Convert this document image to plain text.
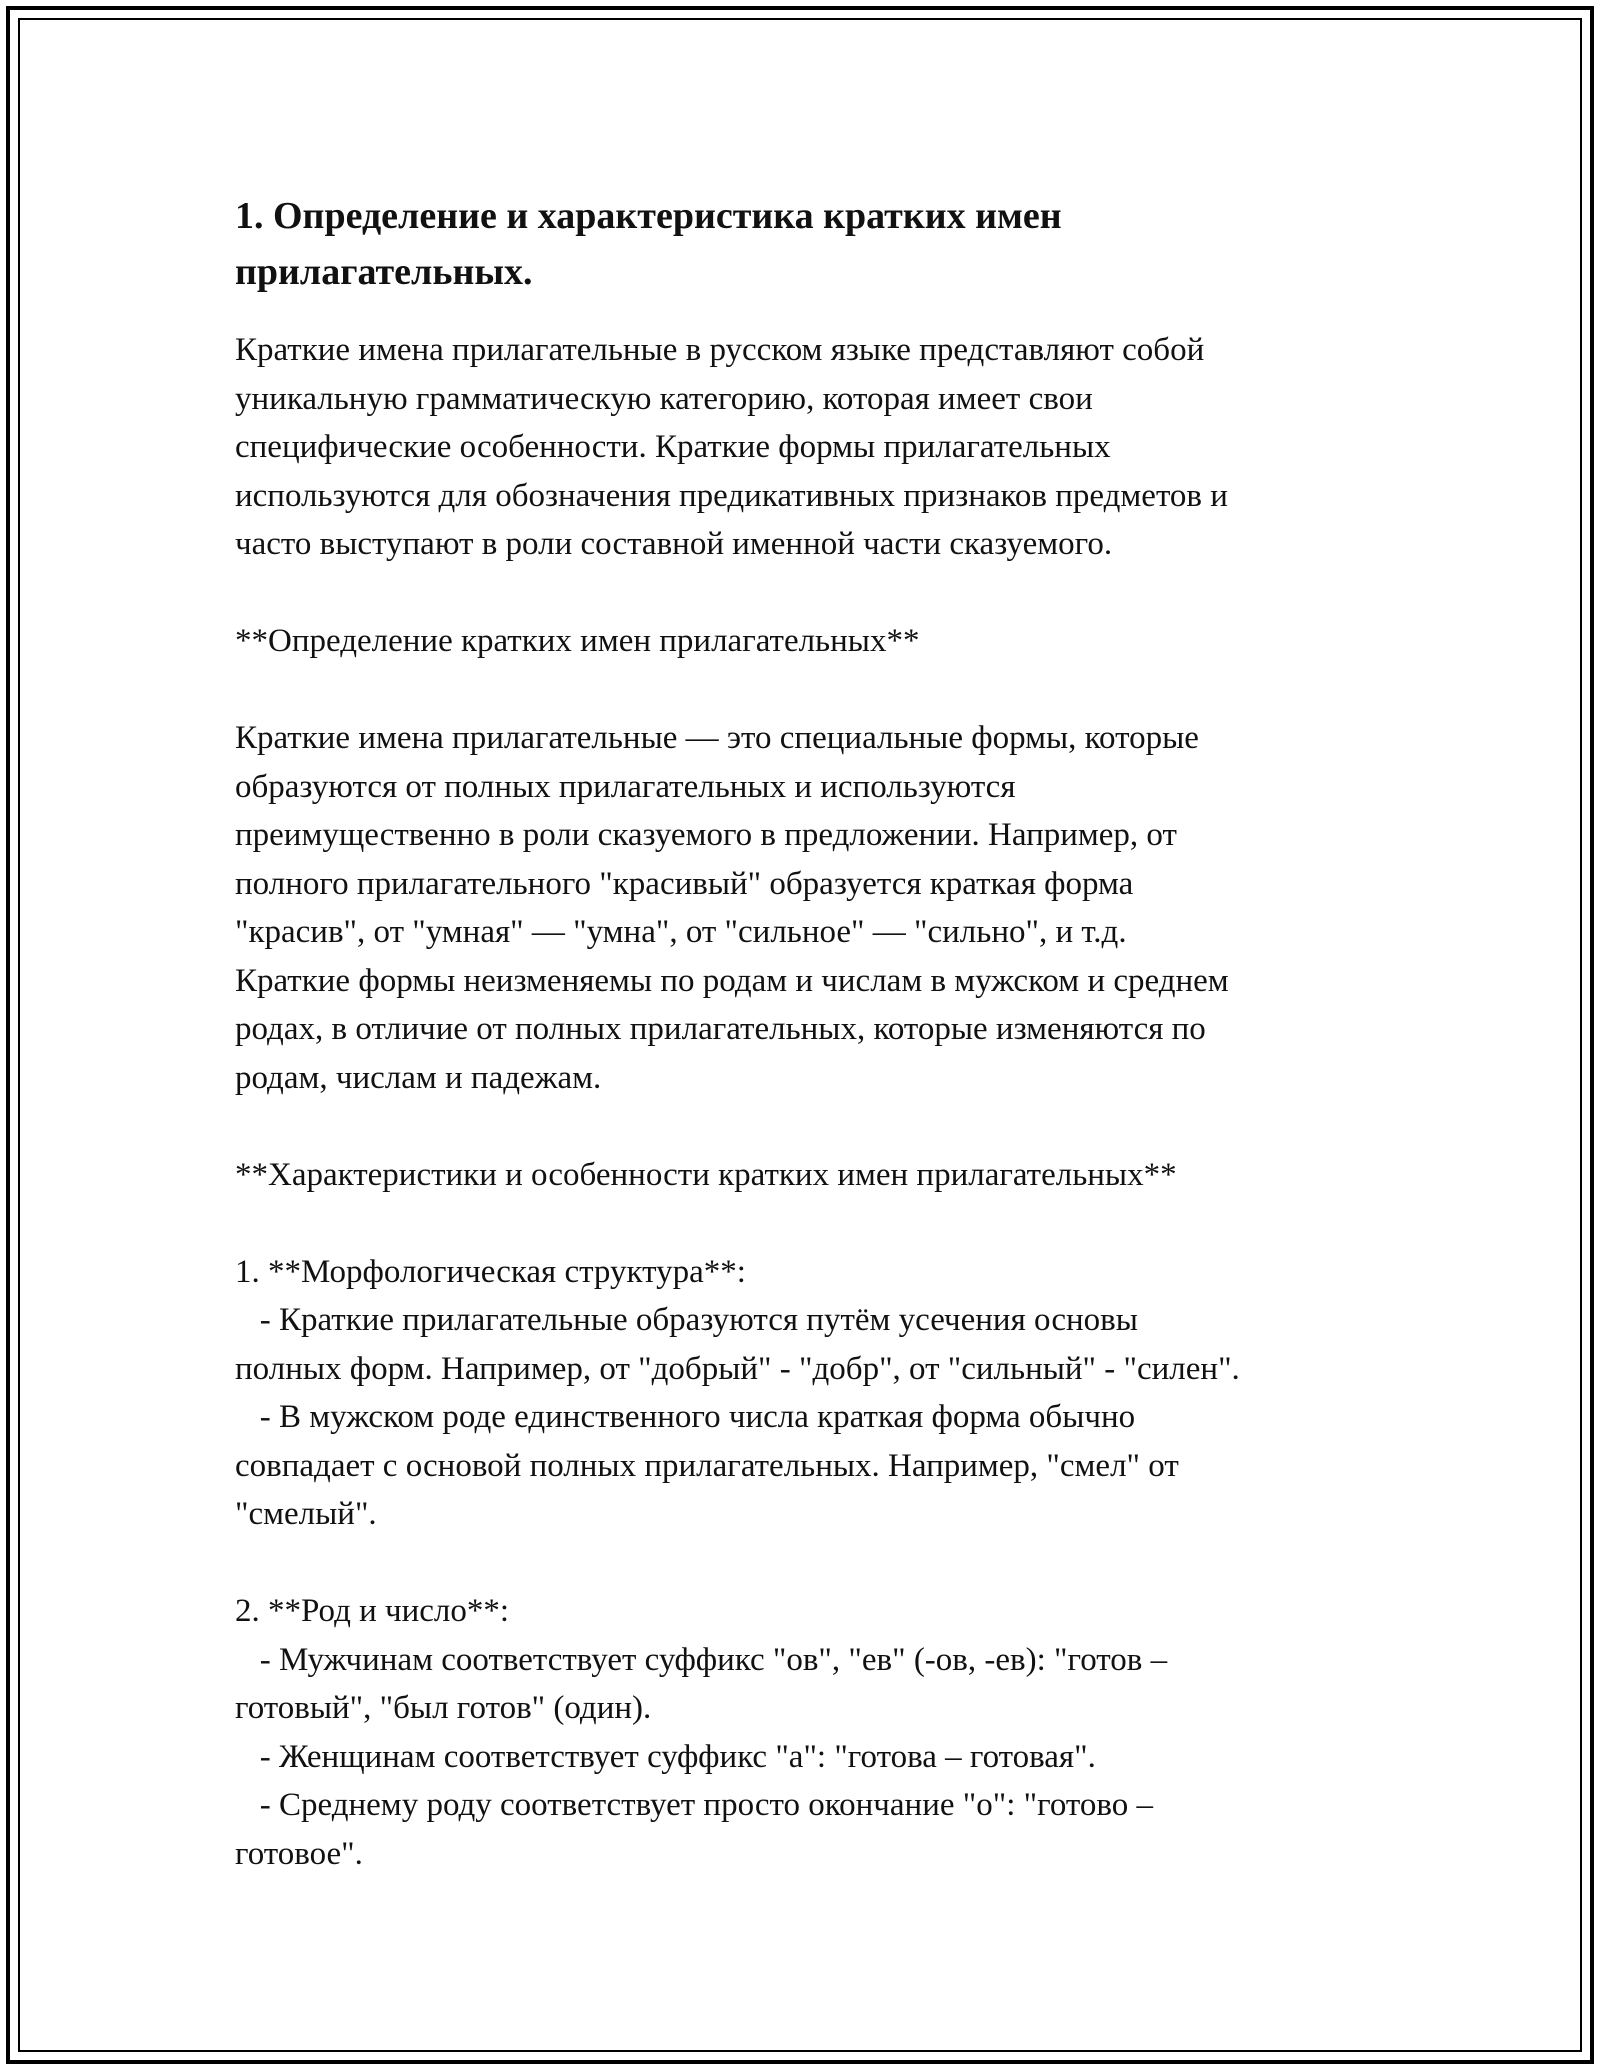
1. Определение и характеристика кратких имен
прилагательных.

Краткие имена прилагательные в русском языке представляют собой
уникальную грамматическую категорию, которая имеет свои
специфические особенности. Краткие формы прилагательных
используются для обозначения предикативных признаков предметов и
часто выступают в роли составной именной части сказуемого.

**Определение кратких имен прилагательных**

Краткие имена прилагательные — это специальные формы, которые
образуются от полных прилагательных и используются
преимущественно в роли сказуемого в предложении. Например, от
полного прилагательного "красивый" образуется краткая форма
"красив", от "умная" — "умна", от "сильное" — "сильно", и т.д.
Краткие формы неизменяемы по родам и числам в мужском и среднем
родах, в отличие от полных прилагательных, которые изменяются по
родам, числам и падежам.

**Характеристики и особенности кратких имен прилагательных**

1. **Морфологическая структура**:
- Краткие прилагательные образуются путём усечения основы
полных форм. Например, от "добрый" - "добр", от "сильный" - "силен".
- В мужском роде единственного числа краткая форма обычно
совпадает с основой полных прилагательных. Например, "смел" от
"смелый".

2. **Род и число**:
- Мужчинам соответствует суффикс "ов", "ев" (-ов, -ев): "готов –
готовый", "был готов" (один).
- Женщинам соответствует суффикс "а": "готова – готовая".
- Среднему роду соответствует просто окончание "о": "готово –
готовое".
